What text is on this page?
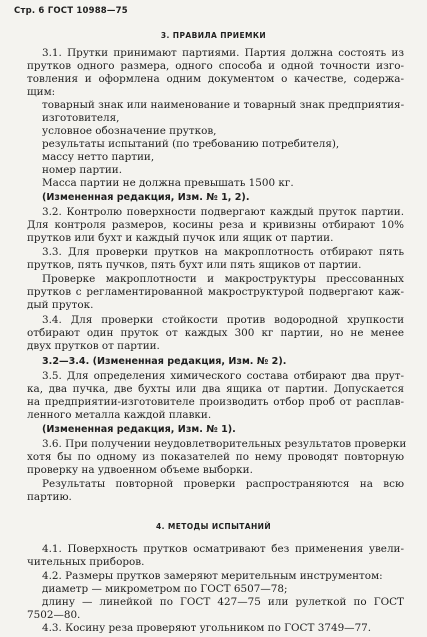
Стр. 6 ГОСТ 10988—75
3. ПРАВИЛА ПРИЕМКИ
3.1. Прутки принимают партиями. Партия должна состоять из
прутков одного размера, одного способа и одной точности изго-
товления и оформлена одним документом о качестве, содержа-
щим:
товарный знак или наименование и товарный знак предприятия-
изготовителя,
условное обозначение прутков,
результаты испытаний (по требованию потребителя),
массу нетто партии,
номер партии.
Масса партии не должна превышать 1500 кг.
(Измененная редакция, Изм. № 1, 2).
3.2. Контролю поверхности подвергают каждый пруток партии.
Для контроля размеров, косины реза и кривизны отбирают 10%
прутков или бухт и каждый пучок или ящик от партии.
3.3. Для проверки прутков на макроплотность отбирают пять
прутков, пять пучков, пять бухт или пять ящиков от партии.
Проверке макроплотности и макроструктуры прессованных
прутков с регламентированной макроструктурой подвергают каж-
дый пруток.
3.4. Для проверки стойкости против водородной хрупкости
отбирают один пруток от каждых 300 кг партии, но не менее
двух прутков от партии.
3.2—3.4. (Измененная редакция, Изм. № 2).
3.5. Для определения химического состава отбирают два прут-
ка, два пучка, две бухты или два ящика от партии. Допускается
на предприятии-изготовителе производить отбор проб от расплав-
ленного металла каждой плавки.
(Измененная редакция, Изм. № 1).
3.6. При получении неудовлетворительных результатов проверки
хотя бы по одному из показателей по нему проводят повторную
проверку на удвоенном объеме выборки.
Результаты повторной проверки распространяются на всю
партию.
4. МЕТОДЫ ИСПЫТАНИЙ
4.1. Поверхность прутков осматривают без применения увели-
чительных приборов.
4.2. Размеры прутков замеряют мерительным инструментом:
диаметр — микрометром по ГОСТ 6507—78;
длину — линейкой по ГОСТ 427—75 или рулеткой по ГОСТ
7502—80.
4.3. Косину реза проверяют угольником по ГОСТ 3749—77.
